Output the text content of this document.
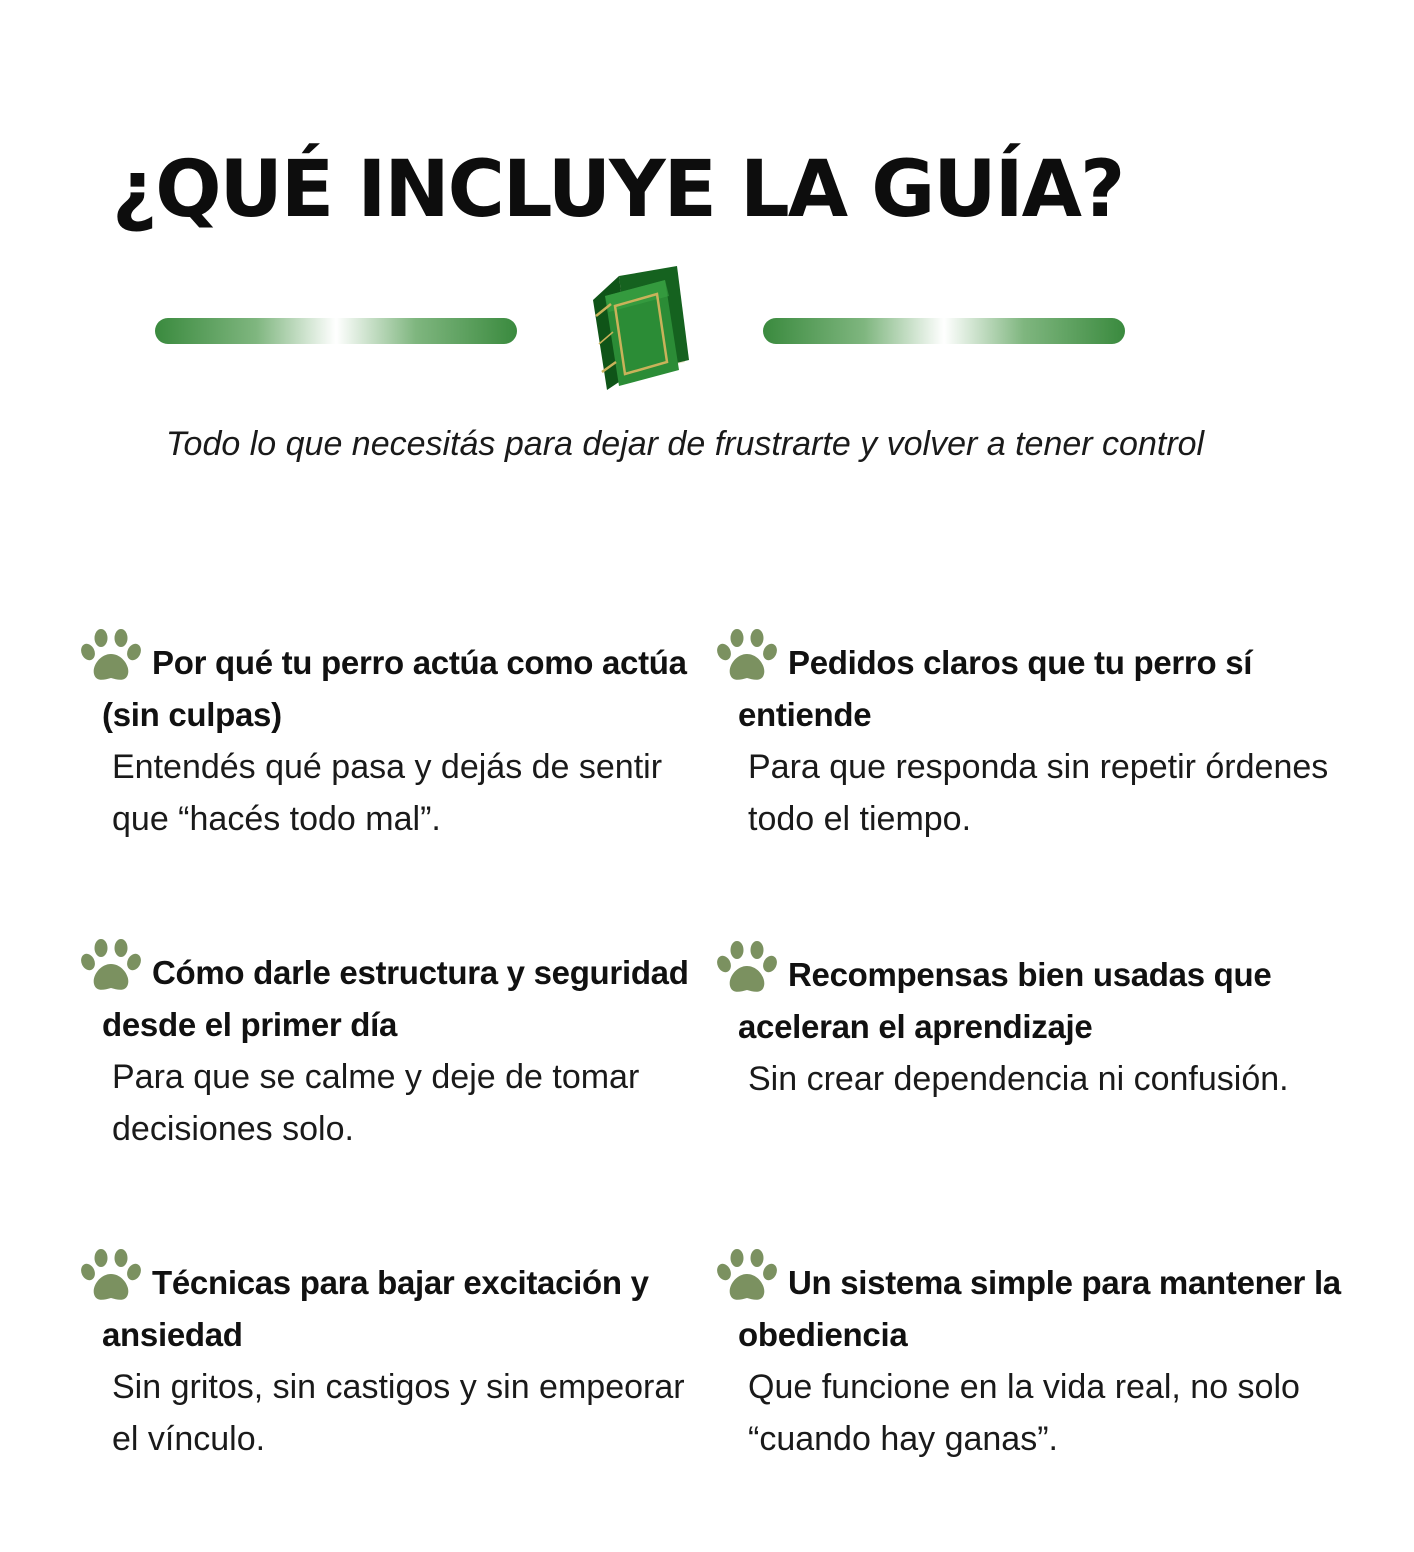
¿QUÉ INCLUYE LA GUÍA?
Todo lo que necesitás para dejar de frustrarte y volver a tener control
Por qué tu perro actúa como actúa (sin culpas)
Entendés qué pasa y dejás de sentir que “hacés todo mal”.
Pedidos claros que tu perro sí entiende
Para que responda sin repetir órdenes todo el tiempo.
Cómo darle estructura y seguridad desde el primer día
Para que se calme y deje de tomar decisiones solo.
Recompensas bien usadas que aceleran el aprendizaje
Sin crear dependencia ni confusión.
Técnicas para bajar excitación y ansiedad
Sin gritos, sin castigos y sin empeorar el vínculo.
Un sistema simple para mantener la obediencia
Que funcione en la vida real, no solo “cuando hay ganas”.
